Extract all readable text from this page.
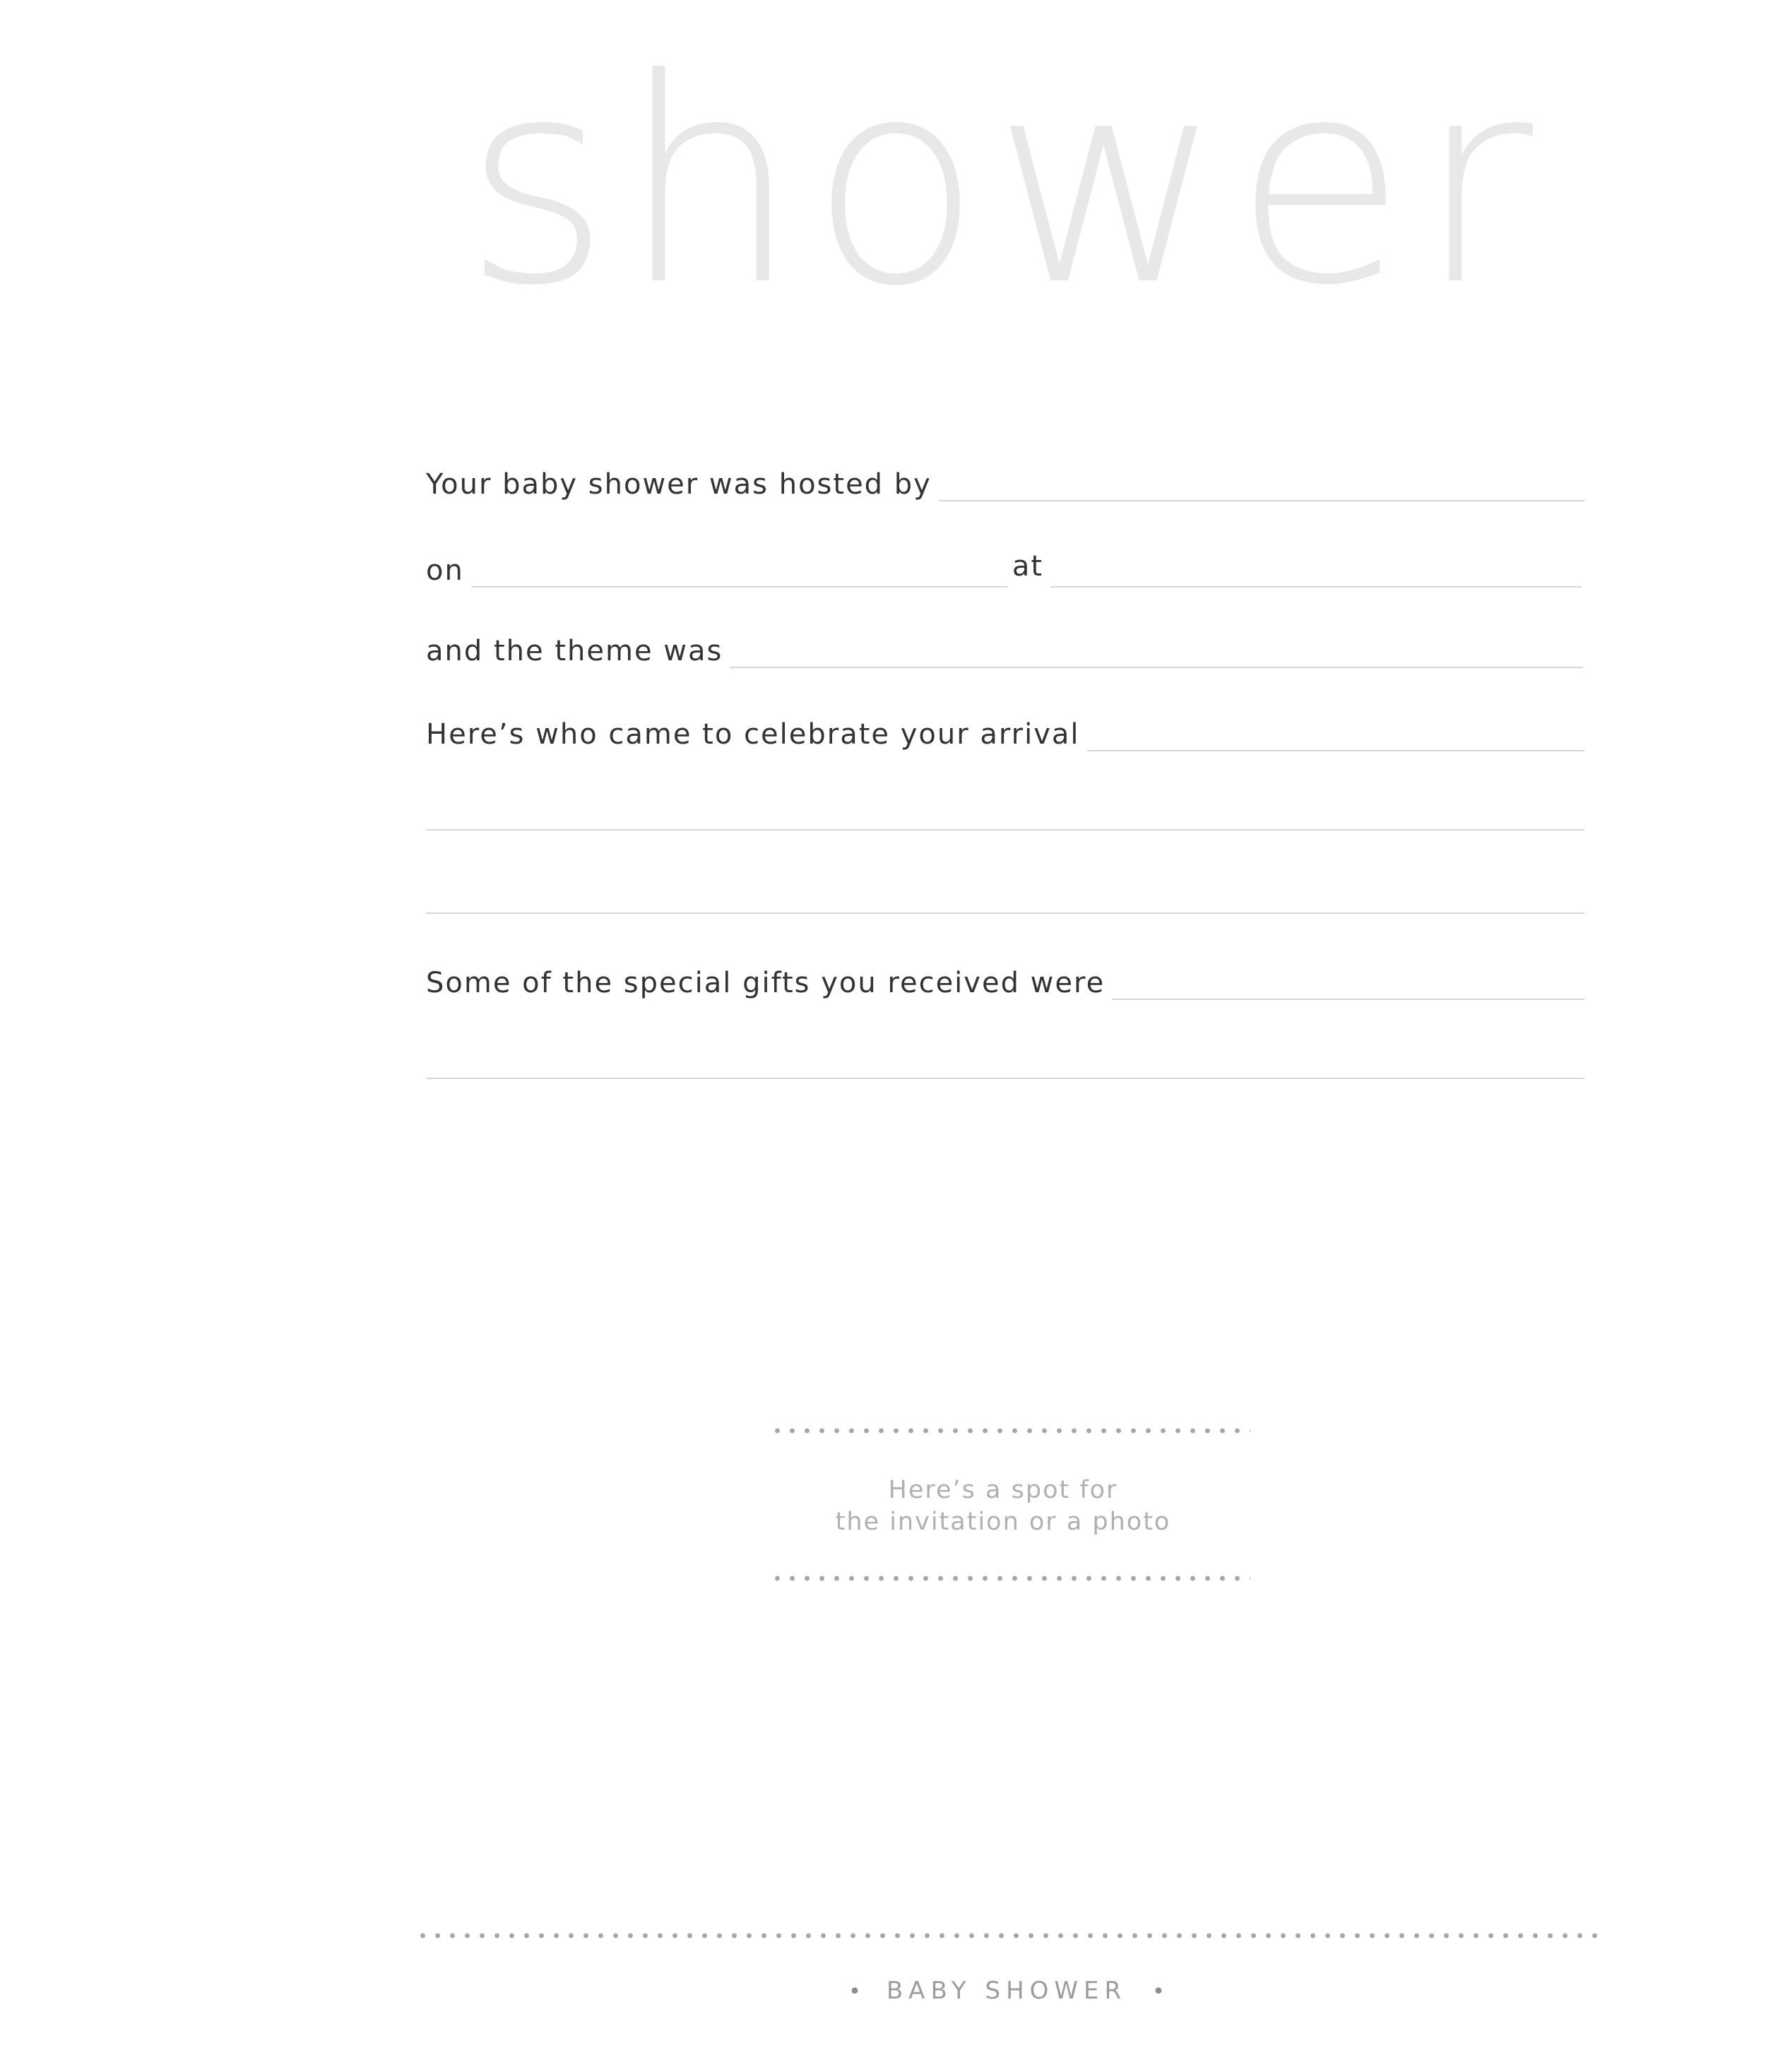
shower
Your baby shower was hosted by
on	at
and the theme was
Here’s who came to celebrate your arrival
Some of the special gifts you received were
Here’s a spot for
the invitation or a photo
• BABY SHOWER •
